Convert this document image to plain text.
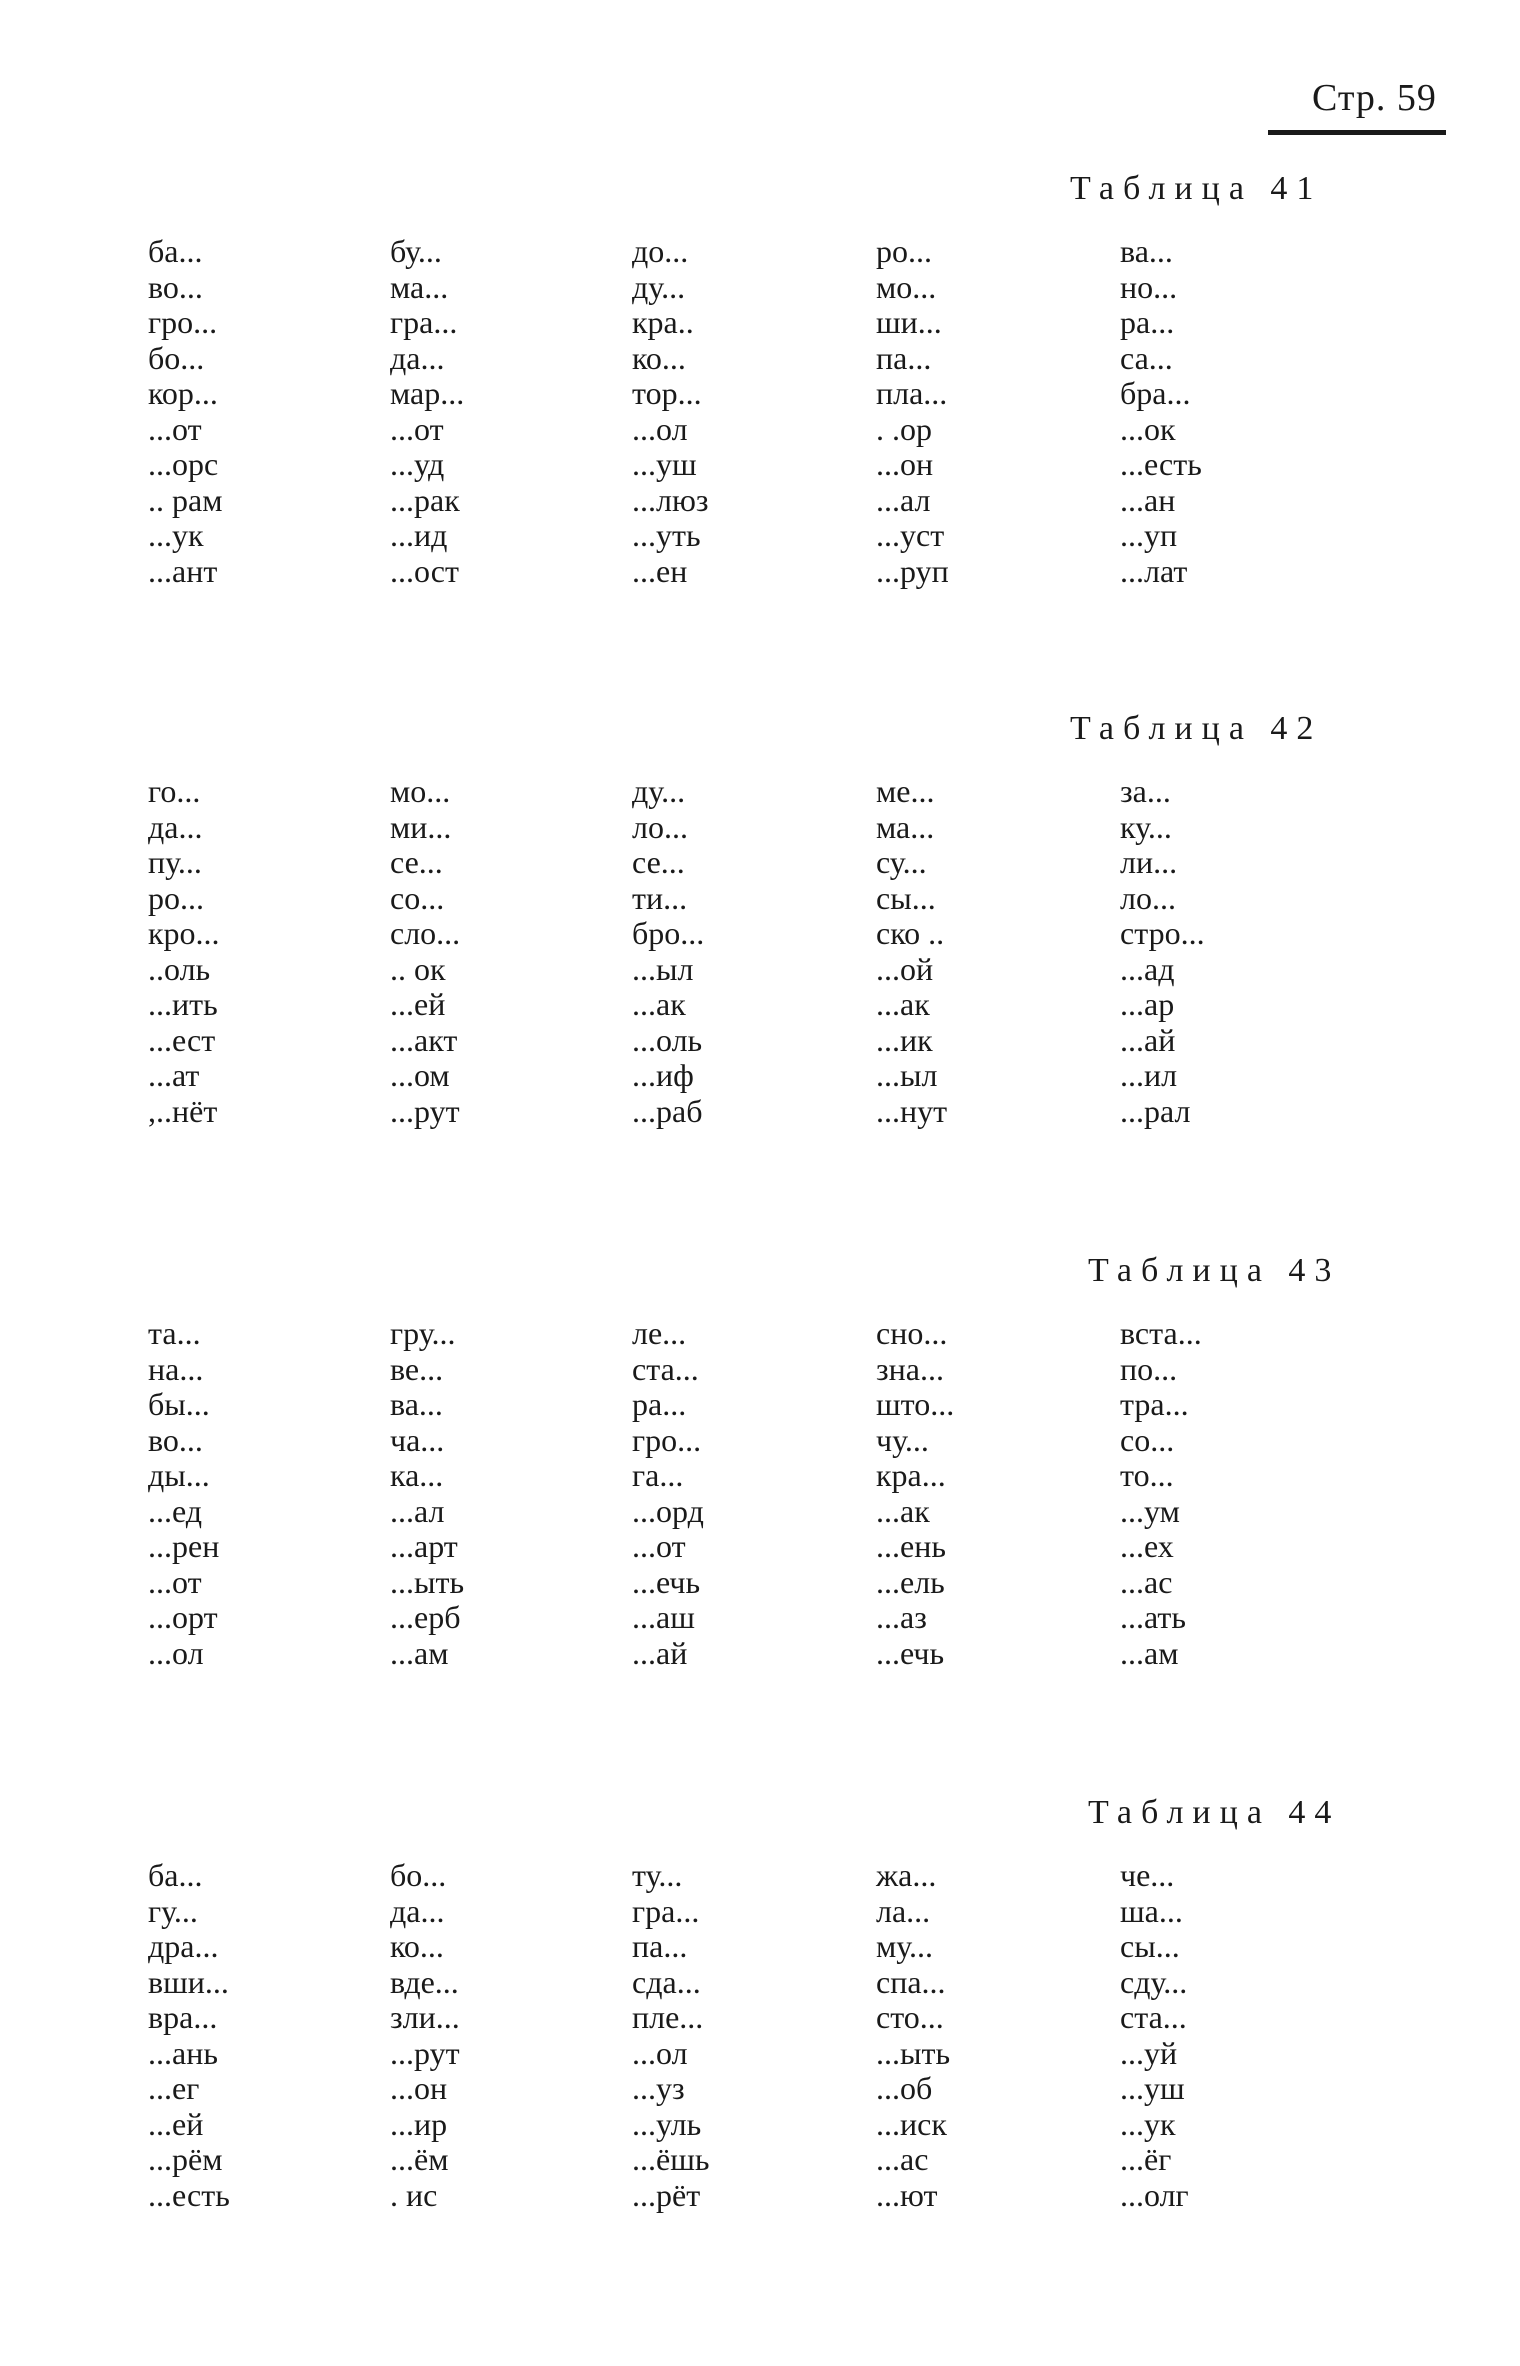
Стр. 59
Таблица 41
ба...
во...
гро...
бо...
кор...
...от
...орс
.. рам
...ук
...ант
бу...
ма...
гра...
да...
мар...
...от
...уд
...рак
...ид
...ост
до...
ду...
кра..
ко...
тор...
...ол
...уш
...люз
...уть
...ен
ро...
мо...
ши...
па...
пла...
. .ор
...он
...ал
...уст
...руп
ва...
но...
ра...
са...
бра...
...ок
...есть
...ан
...уп
...лат
Таблица 42
го...
да...
пу...
ро...
кро...
..оль
...ить
...ест
...ат
,..нёт
мо...
ми...
се...
со...
сло...
.. ок
...ей
...акт
...ом
...рут
ду...
ло...
се...
ти...
бро...
...ыл
...ак
...оль
...иф
...раб
ме...
ма...
су...
сы...
ско ..
...ой
...ак
...ик
...ыл
...нут
за...
ку...
ли...
ло...
стро...
...ад
...ар
...ай
...ил
...рал
Таблица 43
та...
на...
бы...
во...
ды...
...ед
...рен
...от
...орт
...ол
гру...
ве...
ва...
ча...
ка...
...ал
...арт
...ыть
...ерб
...ам
ле...
ста...
ра...
гро...
га...
...орд
...от
...ечь
...аш
...ай
сно...
зна...
што...
чу...
кра...
...ак
...ень
...ель
...аз
...ечь
вста...
по...
тра...
со...
то...
...ум
...ех
...ас
...ать
...ам
Таблица 44
ба...
гу...
дра...
вши...
вра...
...ань
...ег
...ей
...рём
...есть
бо...
да...
ко...
вде...
зли...
...рут
...он
...ир
...ём
. ис
ту...
гра...
па...
сда...
пле...
...ол
...уз
...уль
...ёшь
...рёт
жа...
ла...
му...
спа...
сто...
...ыть
...об
...иск
...ас
...ют
че...
ша...
сы...
сду...
ста...
...уй
...уш
...ук
...ёг
...олг
